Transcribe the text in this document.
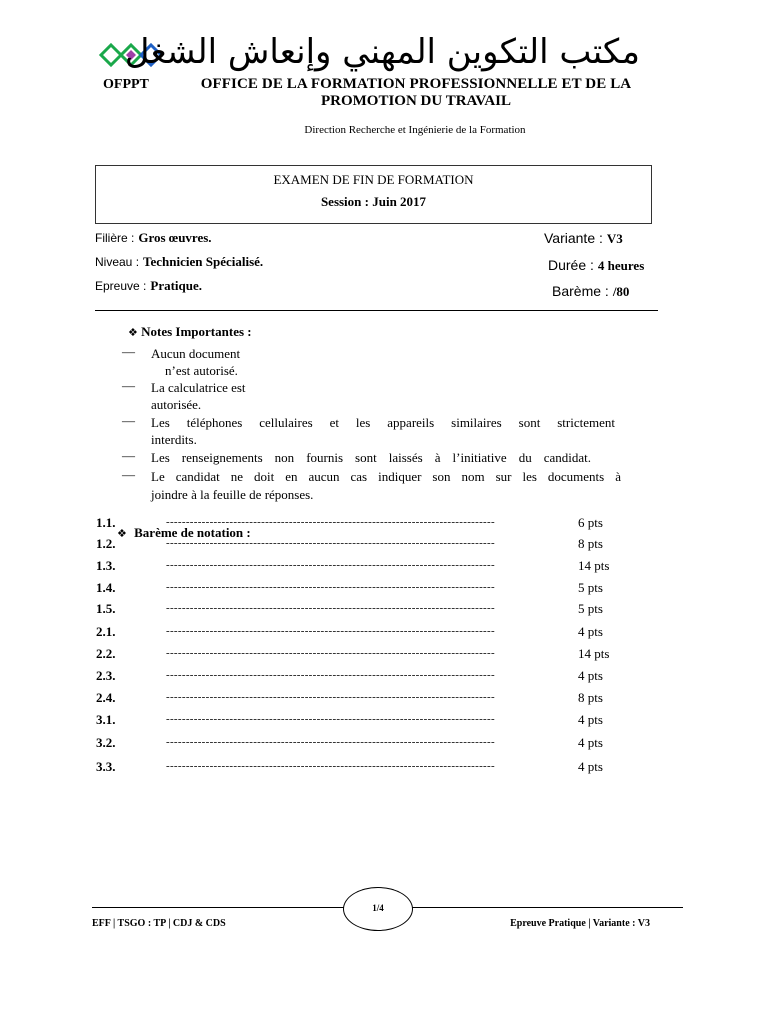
مكتب التكوين المهني وإنعاش الشغل
OFPPT	OFFICE DE LA FORMATION PROFESSIONNELLE ET DE LA
PROMOTION DU TRAVAIL
Direction Recherche et Ingénierie de la Formation
EXAMEN DE FIN DE FORMATION
Session : Juin 2017
Filière : Gros œuvres.
Niveau : Technicien Spécialisé.
Epreuve : Pratique.
Variante : V3
Durée : 4 heures
Barème : /80
❖ Notes Importantes :
— Aucun document
n’est autorisé.
— La calculatrice est
autorisée.
— Les téléphones cellulaires et les appareils similaires sont strictement
interdits.
— Les renseignements non fournis sont laissés à l’initiative du candidat.
— Le candidat ne doit en aucun cas indiquer son nom sur les documents à
joindre à la feuille de réponses.
❖ Barème de notation :
1.1.	-----------------------------------------------------------------------------------	6 pts
1.2.	-----------------------------------------------------------------------------------	8 pts
1.3.	-----------------------------------------------------------------------------------	14 pts
1.4.	-----------------------------------------------------------------------------------	5 pts
1.5.	-----------------------------------------------------------------------------------	5 pts
2.1.	-----------------------------------------------------------------------------------	4 pts
2.2.	-----------------------------------------------------------------------------------	14 pts
2.3.	-----------------------------------------------------------------------------------	4 pts
2.4.	-----------------------------------------------------------------------------------	8 pts
3.1.	-----------------------------------------------------------------------------------	4 pts
3.2.	-----------------------------------------------------------------------------------	4 pts
3.3.	-----------------------------------------------------------------------------------	4 pts
1/4
EFF | TSGO : TP | CDJ & CDS	Epreuve Pratique | Variante : V3
